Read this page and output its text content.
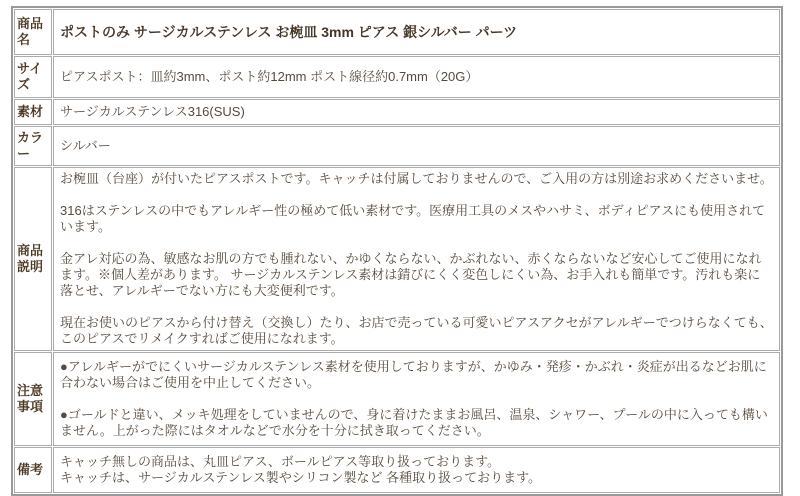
商品名	ポストのみ サージカルステンレス お椀皿 3mm ピアス 銀シルバー パーツ
サイズ	ピアスポスト：皿約3mm、ポスト約12mm ポスト線径約0.7mm（20G）
素材	サージカルステンレス316(SUS)
カラー	シルバー
商品説明	お椀皿（台座）が付いたピアスポストです。キャッチは付属しておりませんので、ご入用の方は別途お求めくださいませ。

316はステンレスの中でもアレルギー性の極めて低い素材です。医療用工具のメスやハサミ、ボディピアスにも使用されています。

金アレ対応の為、敏感なお肌の方でも腫れない、かゆくならない、かぶれない、赤くならないなど安心してご使用になれます。※個人差があります。 サージカルステンレス素材は錆びにくく変色しにくい為、お手入れも簡単です。汚れも楽に落とせ、アレルギーでない方にも大変便利です。

現在お使いのピアスから付け替え（交換し）たり、お店で売っている可愛いピアスアクセがアレルギーでつけらなくても、このピアスでリメイクすればご使用になれます。

注意事項	●アレルギーがでにくいサージカルステンレス素材を使用しておりますが、かゆみ・発疹・かぶれ・炎症が出るなどお肌に合わない場合はご使用を中止してください。

●ゴールドと違い、メッキ処理をしていませんので、身に着けたままお風呂、温泉、シャワー、プールの中に入っても構いません。上がった際にはタオルなどで水分を十分に拭き取ってください。

備考	キャッチ無しの商品は、丸皿ピアス、ボールピアス等取り扱っております。

キャッチは、サージカルステンレス製やシリコン製など 各種取り扱っております。
